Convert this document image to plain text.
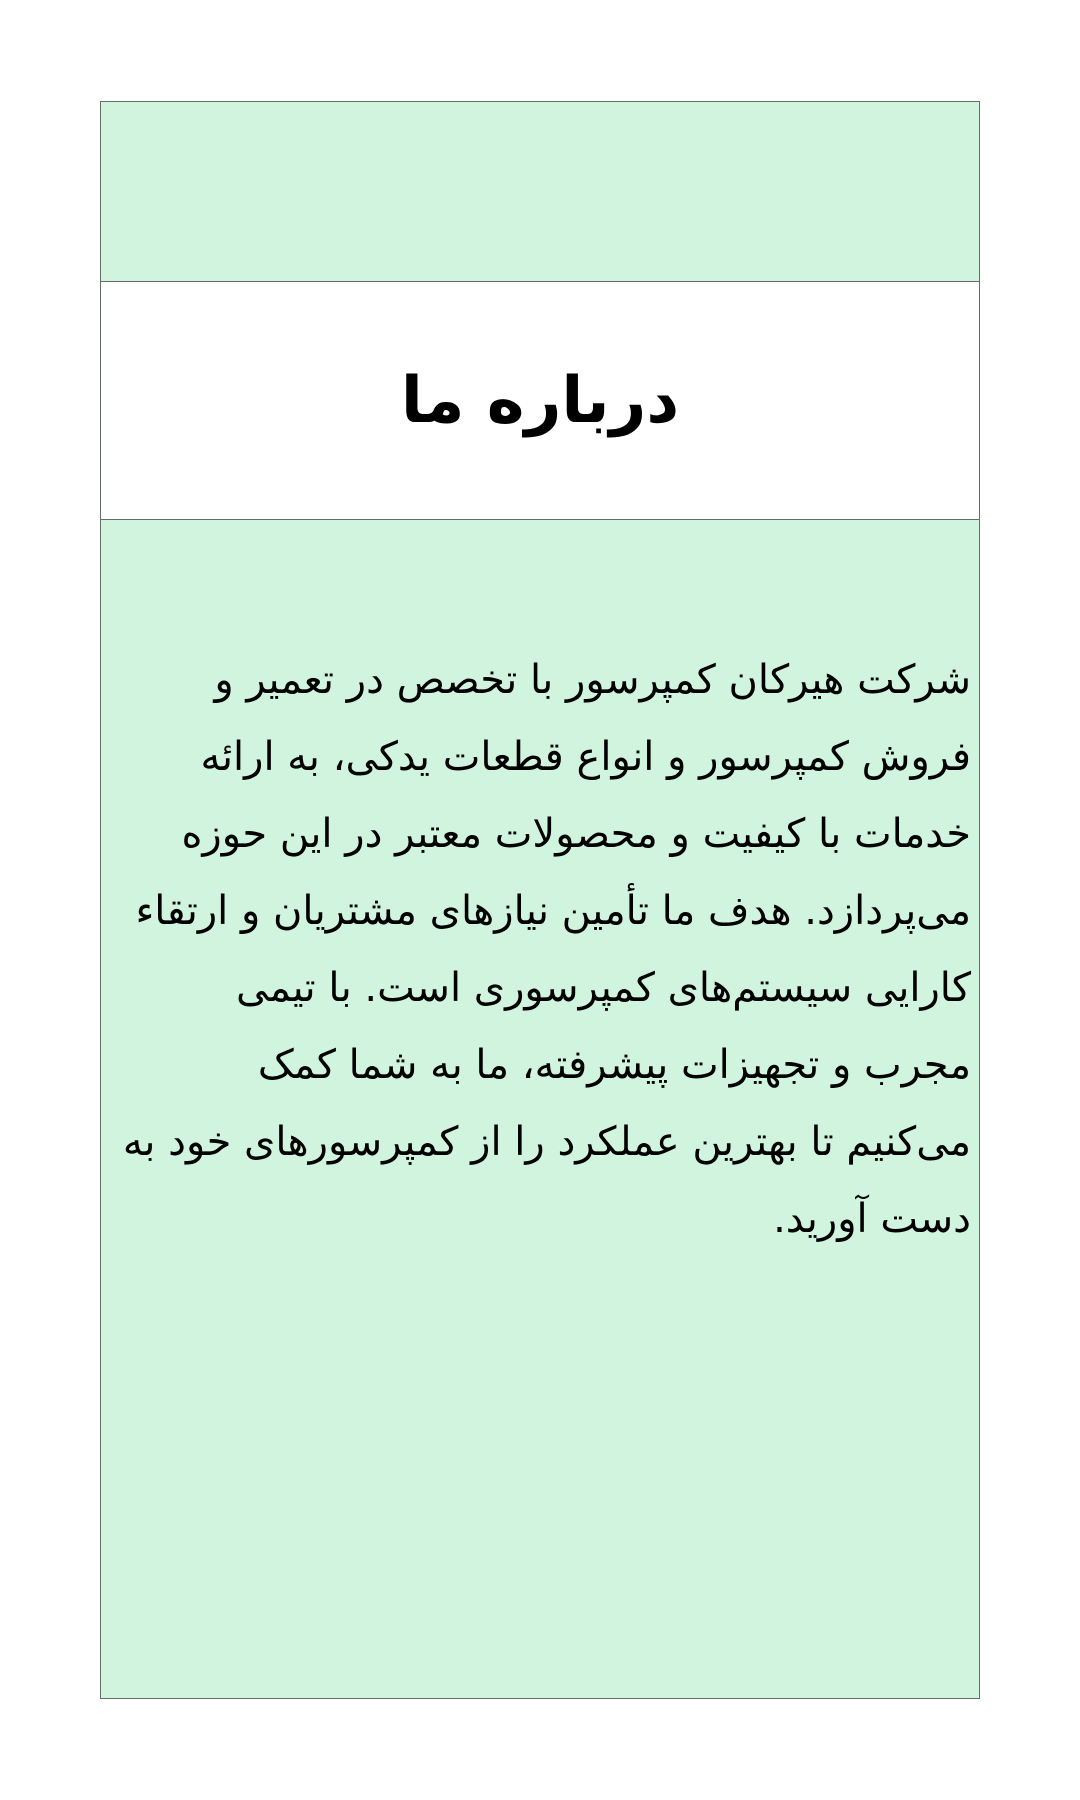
درباره ما

شرکت هیرکان کمپرسور با تخصص در تعمیر و فروش کمپرسور و انواع قطعات یدکی، به ارائه خدمات با کیفیت و محصولات معتبر در این حوزه می‌پردازد. هدف ما تأمین نیازهای مشتریان و ارتقاء کارایی سیستم‌های کمپرسوری است. با تیمی مجرب و تجهیزات پیشرفته، ما به شما کمک می‌کنیم تا بهترین عملکرد را از کمپرسورهای خود به دست آورید.
